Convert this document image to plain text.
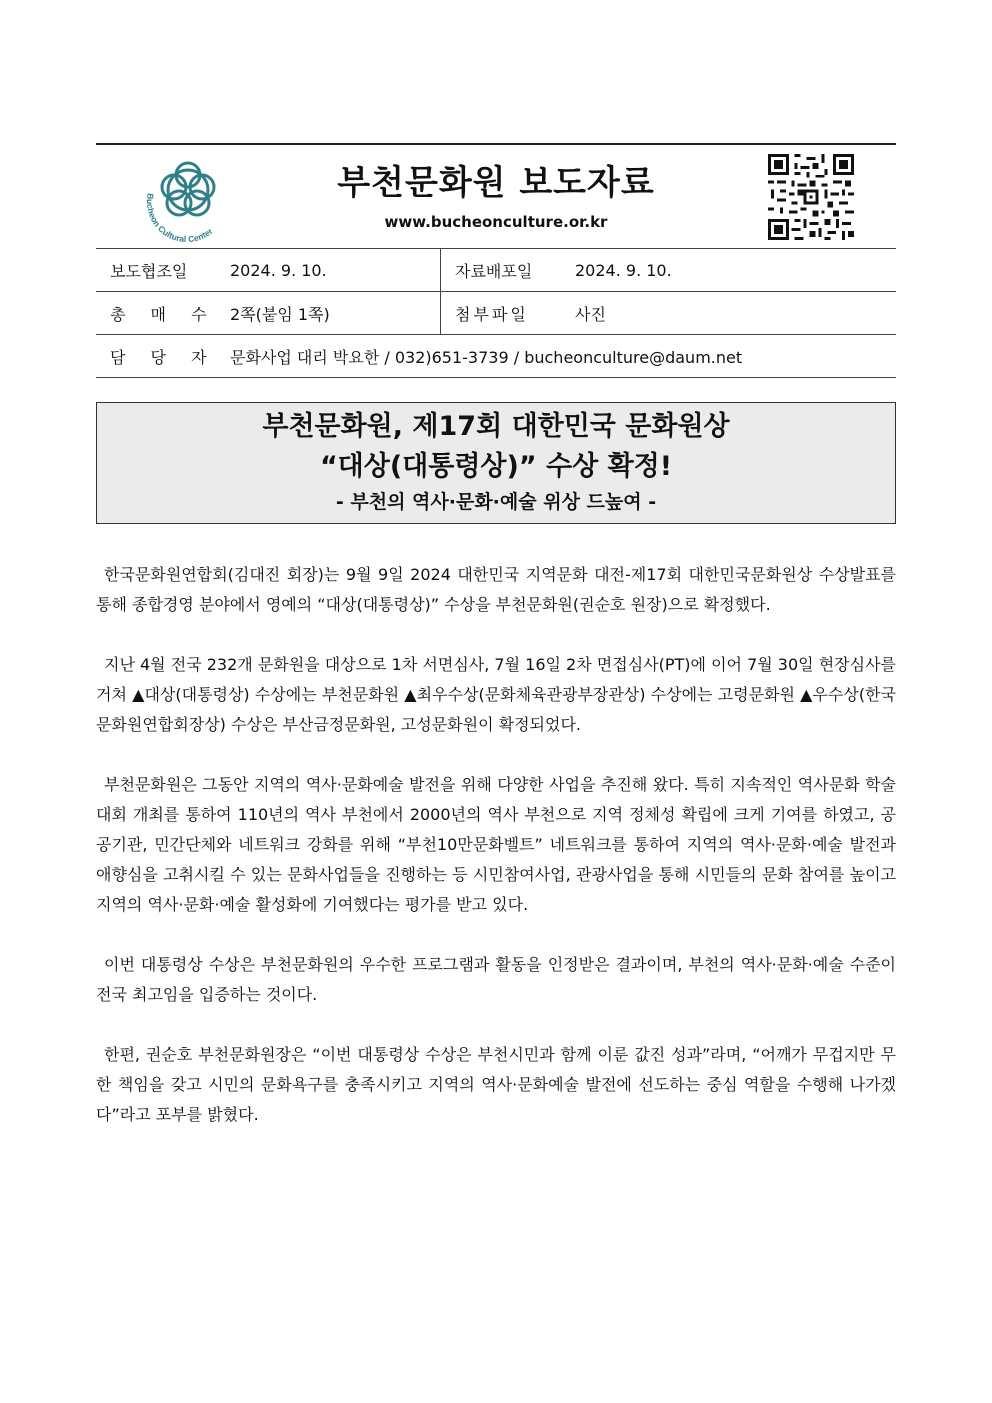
Bucheon Cultural Center
부천문화원 보도자료
www.bucheonculture.or.kr
보도협조일	2024. 9. 10.	자료배포일	2024. 9. 10.
총 매 수	2쪽(붙임 1쪽)	첨부파일	사진
담 당 자	문화사업 대리 박요한 / 032)651-3739 / bucheonculture@daum.net		
부천문화원, 제17회 대한민국 문화원상
“대상(대통령상)” 수상 확정!
- 부천의 역사·문화·예술 위상 드높여 -

한국문화원연합회(김대진 회장)는 9월 9일 2024 대한민국 지역문화 대전-제17회 대한민국문화원상 수상발표를 통해 종합경영 분야에서 영예의 “대상(대통령상)” 수상을 부천문화원(권순호 원장)으로 확정했다.

지난 4월 전국 232개 문화원을 대상으로 1차 서면심사, 7월 16일 2차 면접심사(PT)에 이어 7월 30일 현장심사를 거쳐 ▲대상(대통령상) 수상에는 부천문화원 ▲최우수상(문화체육관광부장관상) 수상에는 고령문화원 ▲우수상(한국문화원연합회장상) 수상은 부산금정문화원, 고성문화원이 확정되었다.

부천문화원은 그동안 지역의 역사·문화예술 발전을 위해 다양한 사업을 추진해 왔다. 특히 지속적인 역사문화 학술대회 개최를 통하여 110년의 역사 부천에서 2000년의 역사 부천으로 지역 정체성 확립에 크게 기여를 하였고, 공공기관, 민간단체와 네트워크 강화를 위해 “부천10만문화벨트” 네트워크를 통하여 지역의 역사·문화·예술 발전과 애향심을 고취시킬 수 있는 문화사업들을 진행하는 등 시민참여사업, 관광사업을 통해 시민들의 문화 참여를 높이고 지역의 역사·문화·예술 활성화에 기여했다는 평가를 받고 있다.

이번 대통령상 수상은 부천문화원의 우수한 프로그램과 활동을 인정받은 결과이며, 부천의 역사·문화·예술 수준이 전국 최고임을 입증하는 것이다.

한편, 권순호 부천문화원장은 “이번 대통령상 수상은 부천시민과 함께 이룬 값진 성과”라며, “어깨가 무겁지만 무한 책임을 갖고 시민의 문화욕구를 충족시키고 지역의 역사·문화예술 발전에 선도하는 중심 역할을 수행해 나가겠다”라고 포부를 밝혔다.
